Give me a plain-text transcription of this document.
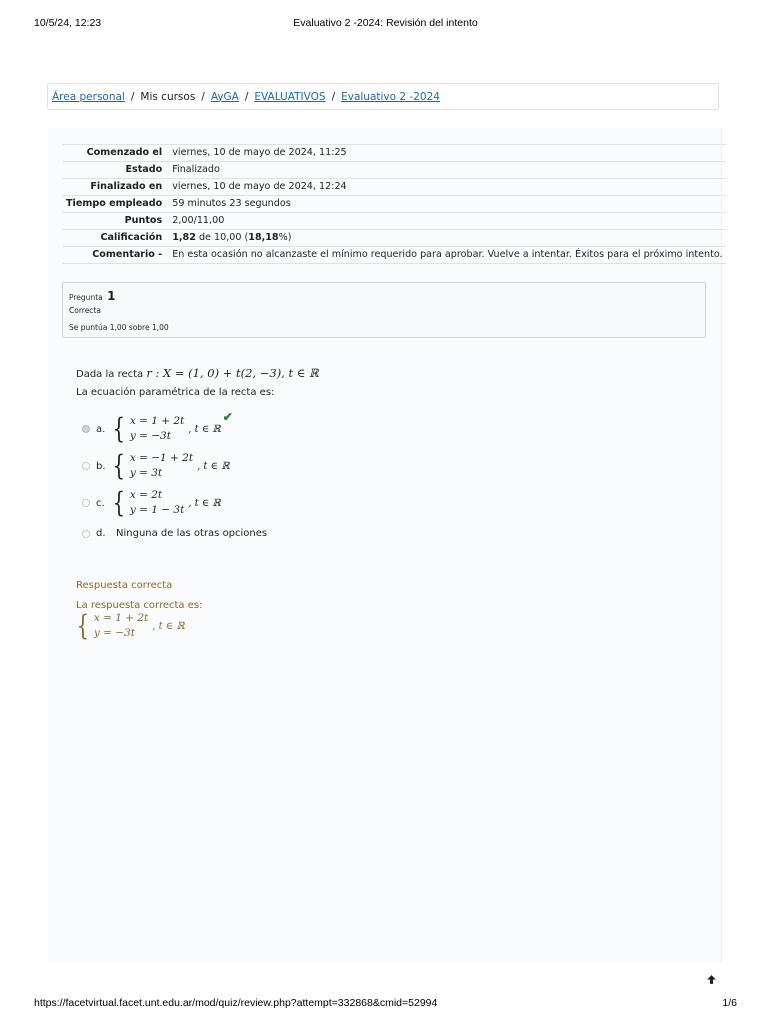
10/5/24, 12:23	Evaluativo 2 -2024: Revisión del intento
Área personal / Mis cursos / AyGA / EVALUATIVOS / Evaluativo 2 -2024
Comenzado el	viernes, 10 de mayo de 2024, 11:25
Estado	Finalizado
Finalizado en	viernes, 10 de mayo de 2024, 12:24
Tiempo empleado	59 minutos 23 segundos
Puntos	2,00/11,00
Calificación	1,82 de 10,00 (18,18%)
Comentario -	En esta ocasión no alcanzaste el mínimo requerido para aprobar. Vuelve a intentar. Éxitos para el próximo intento.
Pregunta 1
Correcta
Se puntúa 1,00 sobre 1,00
Dada la recta r : X = (1, 0) + t(2, −3), t ∈ ℝ
La ecuación paramétrica de la recta es:
a. { x = 1 + 2t
y = −3t
, t ∈ ℝ
✔
b. { x = −1 + 2t
y = 3t
, t ∈ ℝ
c. { x = 2t
y = 1 − 3t
, t ∈ ℝ
d.	Ninguna de las otras opciones
Respuesta correcta
La respuesta correcta es:
{ x = 1 + 2t
y = −3t
, t ∈ ℝ
https://facetvirtual.facet.unt.edu.ar/mod/quiz/review.php?attempt=332868&cmid=52994	1/6
